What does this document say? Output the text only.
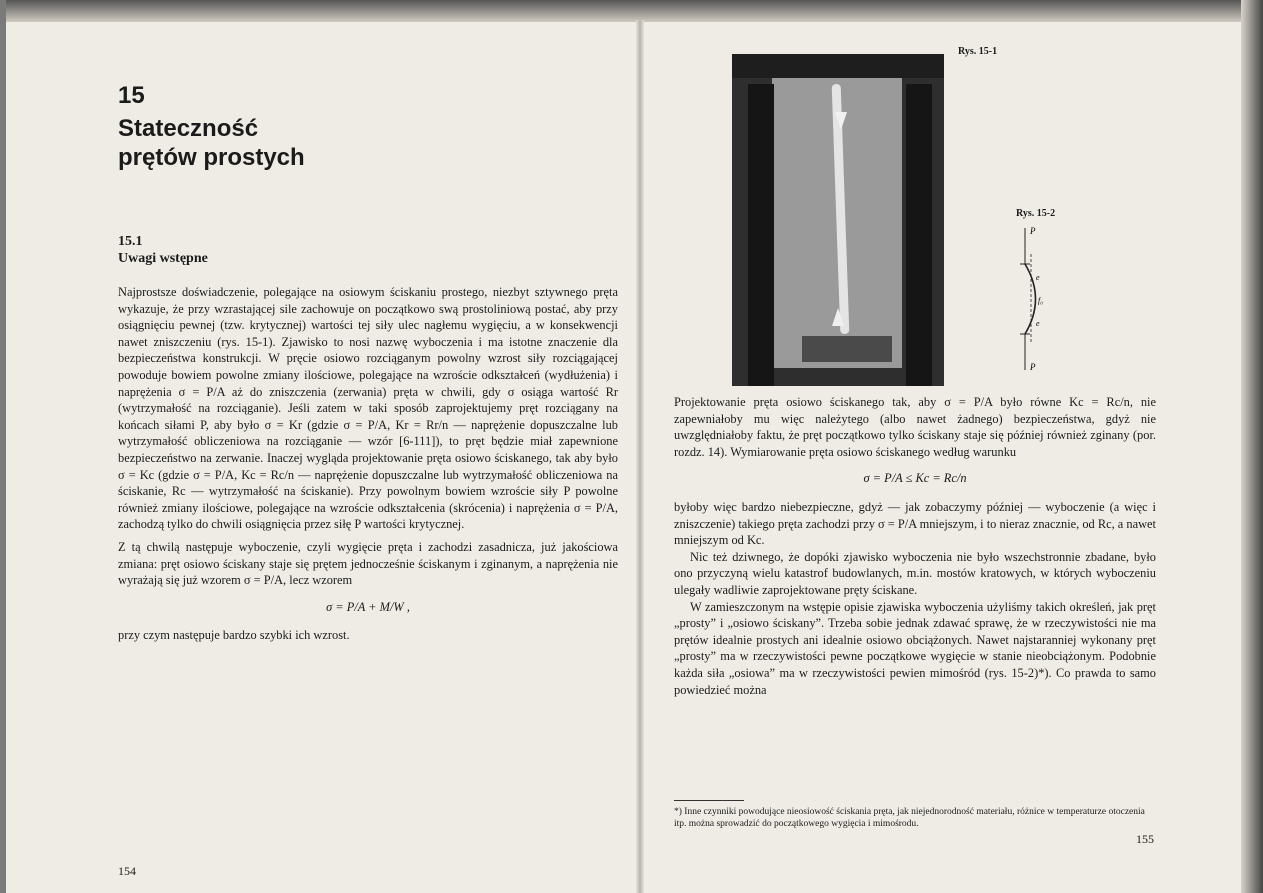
15
Stateczność
prętów prostych
15.1
Uwagi wstępne

Najprostsze doświadczenie, polegające na osiowym ściskaniu prostego, niezbyt sztywnego pręta wykazuje, że przy wzrastającej sile zachowuje on początkowo swą prostoliniową postać, aby przy osiągnięciu pewnej (tzw. krytycznej) wartości tej siły ulec nagłemu wygięciu, a w konsekwencji nawet zniszczeniu (rys. 15-1). Zjawisko to nosi nazwę wyboczenia i ma istotne znaczenie dla bezpieczeństwa konstrukcji. W pręcie osiowo rozciąganym powolny wzrost siły rozciągającej powoduje bowiem powolne zmiany ilościowe, polegające na wzroście odkształceń (wydłużenia) i naprężenia σ = P/A aż do zniszczenia (zerwania) pręta w chwili, gdy σ osiąga wartość Rr (wytrzymałość na rozciąganie). Jeśli zatem w taki sposób zaprojektujemy pręt rozciągany na końcach siłami P, aby było σ = Kr (gdzie σ = P/A, Kr = Rr/n — naprężenie dopuszczalne lub wytrzymałość obliczeniowa na rozciąganie — wzór [6-111]), to pręt będzie miał zapewnione bezpieczeństwo na zerwanie. Inaczej wygląda projektowanie pręta osiowo ściskanego, tak aby było σ = Kc (gdzie σ = P/A, Kc = Rc/n — naprężenie dopuszczalne lub wytrzymałość obliczeniowa na ściskanie, Rc — wytrzymałość na ściskanie). Przy powolnym bowiem wzroście siły P powolne również zmiany ilościowe, polegające na wzroście odkształcenia (skrócenia) i naprężenia σ = P/A, zachodzą tylko do chwili osiągnięcia przez siłę P wartości krytycznej.

Z tą chwilą następuje wyboczenie, czyli wygięcie pręta i zachodzi zasadnicza, już jakościowa zmiana: pręt osiowo ściskany staje się prętem jednocześnie ściskanym i zginanym, a naprężenia nie wyrażają się już wzorem σ = P/A, lecz wzorem

σ = P/A + M/W ,

przy czym następuje bardzo szybki ich wzrost.

154
Rys. 15-1
Rys. 15-2
P
e
f₀
e
P

Projektowanie pręta osiowo ściskanego tak, aby σ = P/A było równe Kc = Rc/n, nie zapewniałoby mu więc należytego (albo nawet żadnego) bezpieczeństwa, gdyż nie uwzględniałoby faktu, że pręt początkowo tylko ściskany staje się później również zginany (por. rozdz. 14). Wymiarowanie pręta osiowo ściskanego według warunku

σ = P/A ≤ Kc = Rc/n

byłoby więc bardzo niebezpieczne, gdyż — jak zobaczymy później — wyboczenie (a więc i zniszczenie) takiego pręta zachodzi przy σ = P/A mniejszym, i to nieraz znacznie, od Rc, a nawet mniejszym od Kc.

Nic też dziwnego, że dopóki zjawisko wyboczenia nie było wszechstronnie zbadane, było ono przyczyną wielu katastrof budowlanych, m.in. mostów kratowych, w których wyboczeniu ulegały wadliwie zaprojektowane pręty ściskane.

W zamieszczonym na wstępie opisie zjawiska wyboczenia użyliśmy takich określeń, jak pręt „prosty” i „osiowo ściskany”. Trzeba sobie jednak zdawać sprawę, że w rzeczywistości nie ma prętów idealnie prostych ani idealnie osiowo obciążonych. Nawet najstaranniej wykonany pręt „prosty” ma w rzeczywistości pewne początkowe wygięcie w stanie nieobciążonym. Podobnie każda siła „osiowa” ma w rzeczywistości pewien mimośród (rys. 15-2)*). Co prawda to samo powiedzieć można

*) Inne czynniki powodujące nieosiowość ściskania pręta, jak niejednorodność materiału, różnice w temperaturze otoczenia itp. można sprowadzić do początkowego wygięcia i mimośrodu.
155
